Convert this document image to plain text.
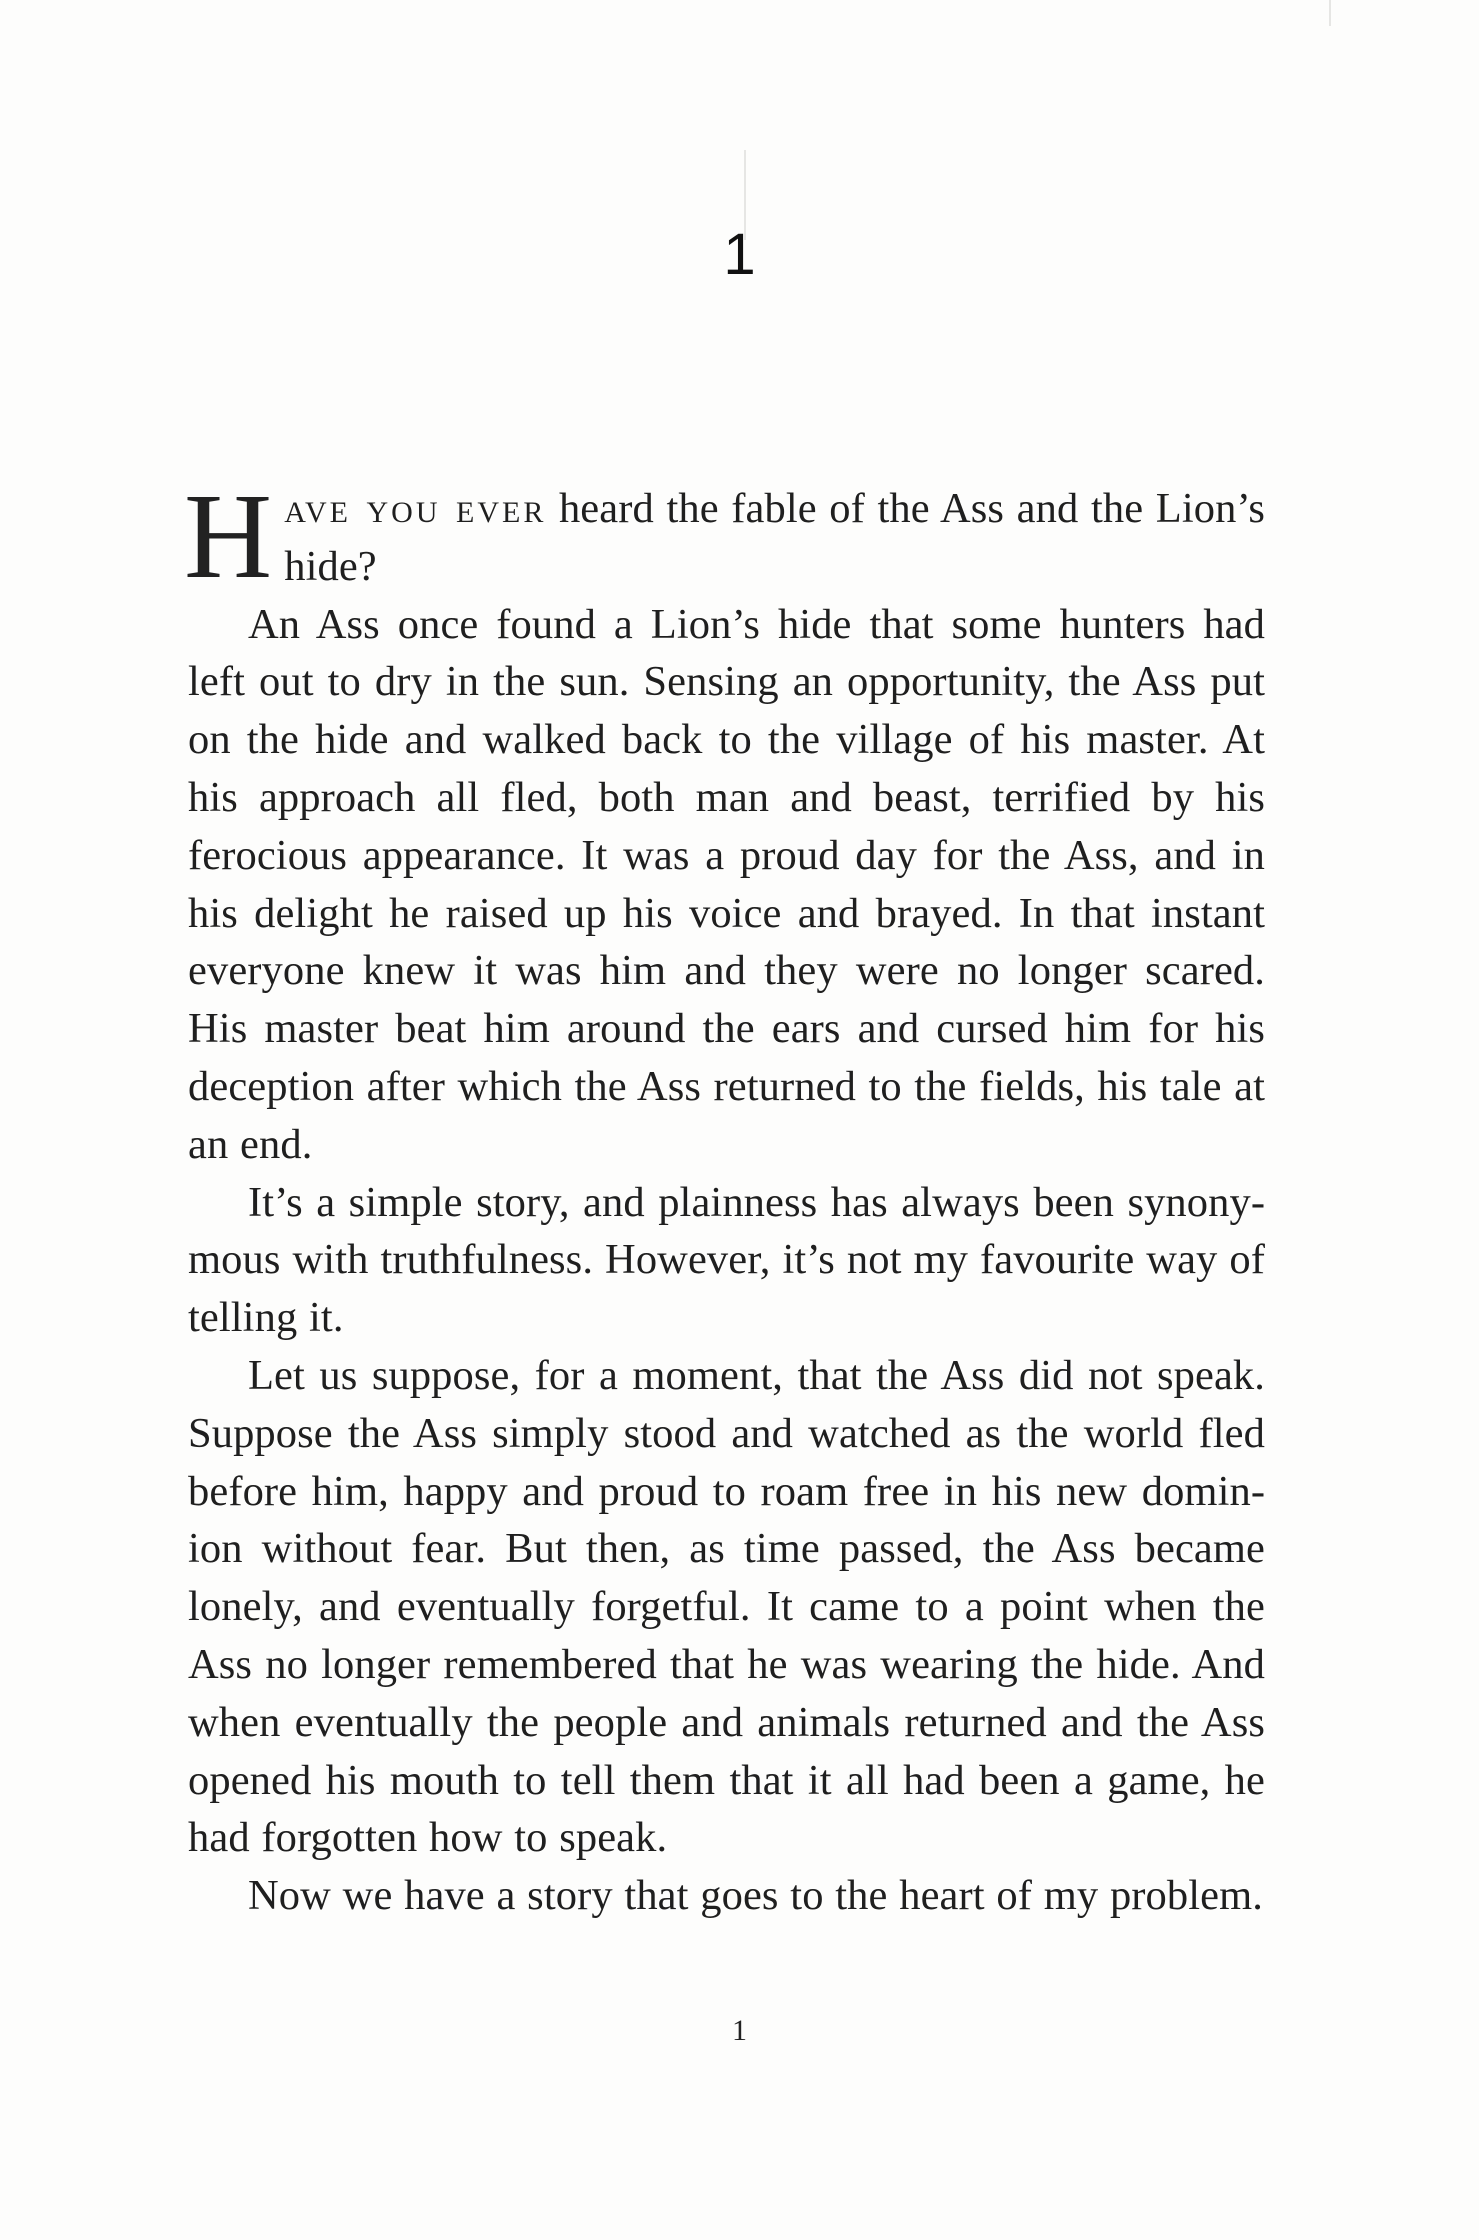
1

Have you ever heard the fable of the Ass and the Lion’s hide?

An Ass once found a Lion’s hide that some hunters had left out to dry in the sun. Sensing an opportunity, the Ass put on the hide and walked back to the village of his master. At his approach all fled, both man and beast, terrified by his ferocious appearance. It was a proud day for the Ass, and in his delight he raised up his voice and brayed. In that instant everyone knew it was him and they were no longer scared. His master beat him around the ears and cursed him for his deception after which the Ass returned to the fields, his tale at an end.

It’s a simple story, and plainness has always been synonymous with truthfulness. However, it’s not my favourite way of telling it.

Let us suppose, for a moment, that the Ass did not speak. Suppose the Ass simply stood and watched as the world fled before him, happy and proud to roam free in his new dominion without fear. But then, as time passed, the Ass became lonely, and eventually forgetful. It came to a point when the Ass no longer remembered that he was wearing the hide. And when eventually the people and animals returned and the Ass opened his mouth to tell them that it all had been a game, he had forgotten how to speak.

Now we have a story that goes to the heart of my problem.

1
